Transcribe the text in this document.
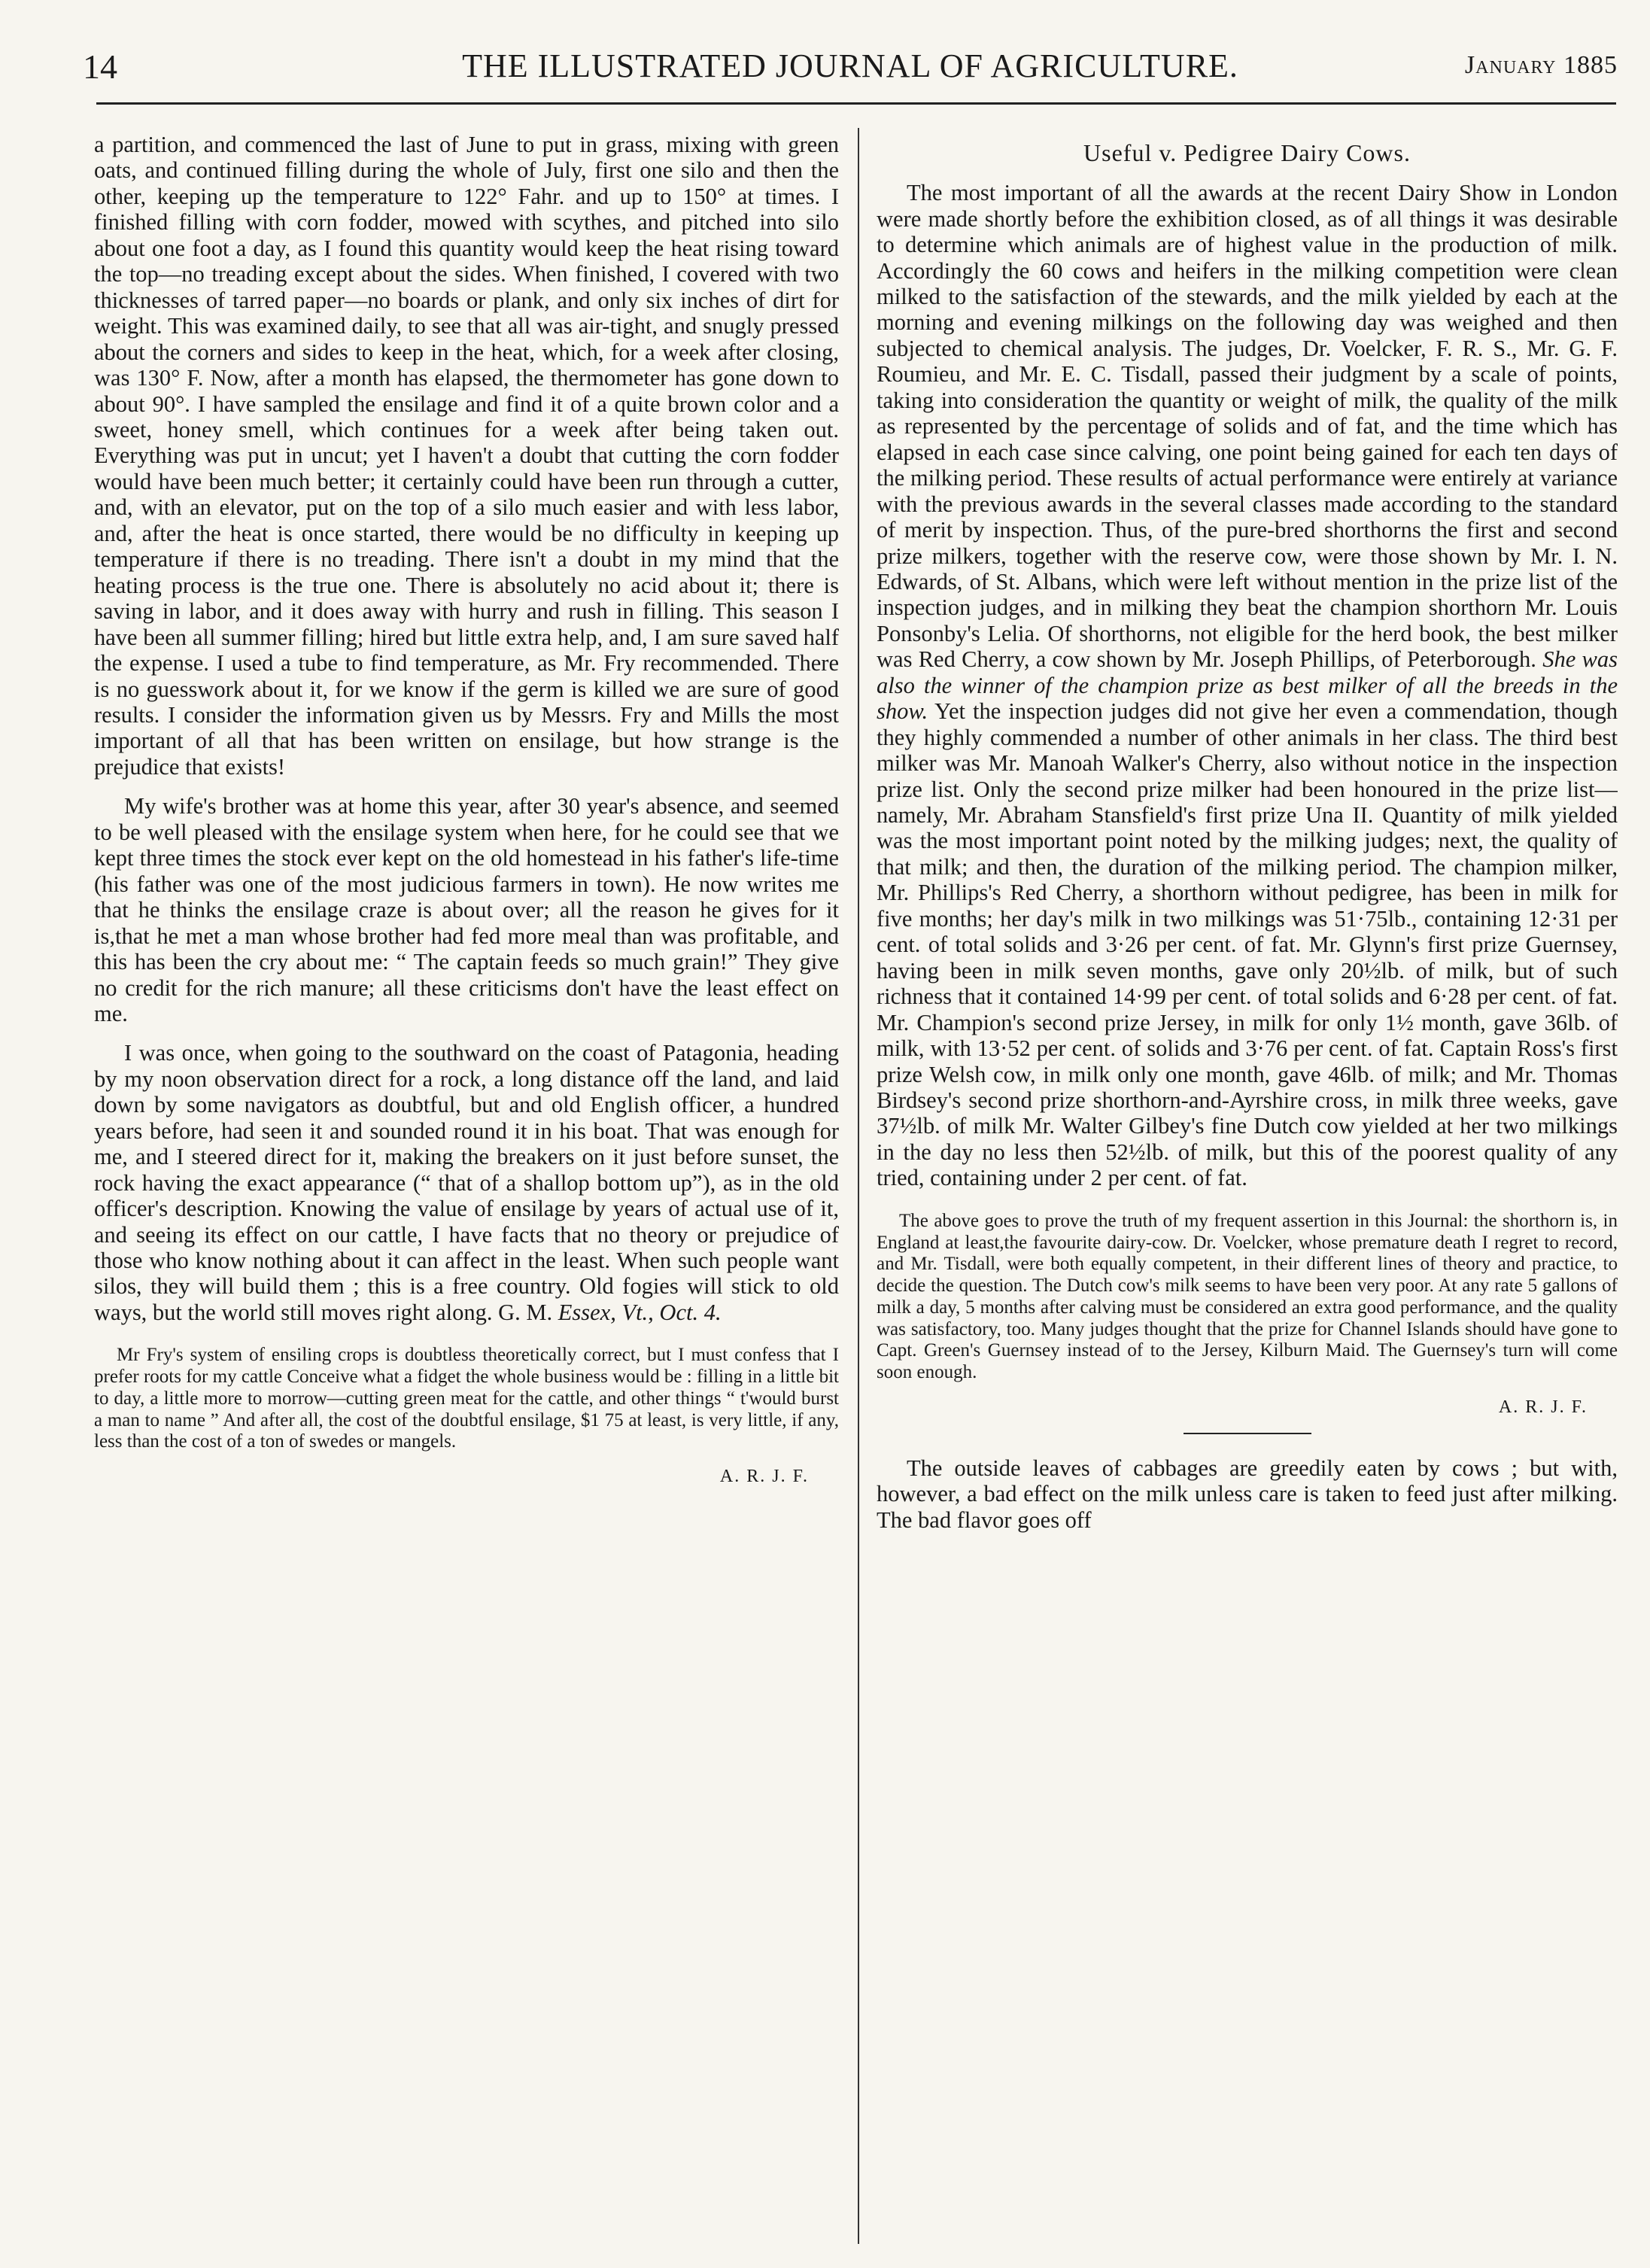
14	THE ILLUSTRATED JOURNAL OF AGRICULTURE.	January 1885

a partition, and commenced the last of June to put in grass, mixing with green oats, and continued filling during the whole of July, first one silo and then the other, keeping up the temperature to 122° Fahr. and up to 150° at times. I finished filling with corn fodder, mowed with scythes, and pitched into silo about one foot a day, as I found this quantity would keep the heat rising toward the top—no treading except about the sides. When finished, I covered with two thicknesses of tarred paper—no boards or plank, and only six inches of dirt for weight. This was examined daily, to see that all was air-tight, and snugly pressed about the corners and sides to keep in the heat, which, for a week after closing, was 130° F. Now, after a month has elapsed, the thermometer has gone down to about 90°. I have sampled the ensilage and find it of a quite brown color and a sweet, honey smell, which continues for a week after being taken out. Everything was put in uncut; yet I haven't a doubt that cutting the corn fodder would have been much better; it certainly could have been run through a cutter, and, with an elevator, put on the top of a silo much easier and with less labor, and, after the heat is once started, there would be no difficulty in keeping up temperature if there is no treading. There isn't a doubt in my mind that the heating process is the true one. There is absolutely no acid about it; there is saving in labor, and it does away with hurry and rush in filling. This season I have been all summer filling; hired but little extra help, and, I am sure saved half the expense. I used a tube to find temperature, as Mr. Fry recommended. There is no guesswork about it, for we know if the germ is killed we are sure of good results. I consider the information given us by Messrs. Fry and Mills the most important of all that has been written on ensilage, but how strange is the prejudice that exists!

My wife's brother was at home this year, after 30 year's absence, and seemed to be well pleased with the ensilage system when here, for he could see that we kept three times the stock ever kept on the old homestead in his father's life-time (his father was one of the most judicious farmers in town). He now writes me that he thinks the ensilage craze is about over; all the reason he gives for it is,that he met a man whose brother had fed more meal than was profitable, and this has been the cry about me: “ The captain feeds so much grain!” They give no credit for the rich manure; all these criticisms don't have the least effect on me.

I was once, when going to the southward on the coast of Patagonia, heading by my noon observation direct for a rock, a long distance off the land, and laid down by some navigators as doubtful, but and old English officer, a hundred years before, had seen it and sounded round it in his boat. That was enough for me, and I steered direct for it, making the breakers on it just before sunset, the rock having the exact appearance (“ that of a shallop bottom up”), as in the old officer's description. Knowing the value of ensilage by years of actual use of it, and seeing its effect on our cattle, I have facts that no theory or prejudice of those who know nothing about it can affect in the least. When such people want silos, they will build them ; this is a free country. Old fogies will stick to old ways, but the world still moves right along. G. M. Essex, Vt., Oct. 4.

Mr Fry's system of ensiling crops is doubtless theoretically correct, but I must confess that I prefer roots for my cattle Conceive what a fidget the whole business would be : filling in a little bit to day, a little more to morrow—cutting green meat for the cattle, and other things “ t'would burst a man to name ” And after all, the cost of the doubtful ensilage, $1 75 at least, is very little, if any, less than the cost of a ton of swedes or mangels.

A. R. J. F.
Useful v. Pedigree Dairy Cows.

The most important of all the awards at the recent Dairy Show in London were made shortly before the exhibition closed, as of all things it was desirable to determine which animals are of highest value in the production of milk. Accordingly the 60 cows and heifers in the milking competition were clean milked to the satisfaction of the stewards, and the milk yielded by each at the morning and evening milkings on the following day was weighed and then subjected to chemical analysis. The judges, Dr. Voelcker, F. R. S., Mr. G. F. Roumieu, and Mr. E. C. Tisdall, passed their judgment by a scale of points, taking into consideration the quantity or weight of milk, the quality of the milk as represented by the percentage of solids and of fat, and the time which has elapsed in each case since calving, one point being gained for each ten days of the milking period. These results of actual performance were entirely at variance with the previous awards in the several classes made according to the standard of merit by inspection. Thus, of the pure-bred shorthorns the first and second prize milkers, together with the reserve cow, were those shown by Mr. I. N. Edwards, of St. Albans, which were left without mention in the prize list of the inspection judges, and in milking they beat the champion shorthorn Mr. Louis Ponsonby's Lelia. Of shorthorns, not eligible for the herd book, the best milker was Red Cherry, a cow shown by Mr. Joseph Phillips, of Peterborough. She was also the winner of the champion prize as best milker of all the breeds in the show. Yet the inspection judges did not give her even a commendation, though they highly commended a number of other animals in her class. The third best milker was Mr. Manoah Walker's Cherry, also without notice in the inspection prize list. Only the second prize milker had been honoured in the prize list—namely, Mr. Abraham Stansfield's first prize Una II. Quantity of milk yielded was the most important point noted by the milking judges; next, the quality of that milk; and then, the duration of the milking period. The champion milker, Mr. Phillips's Red Cherry, a shorthorn without pedigree, has been in milk for five months; her day's milk in two milkings was 51·75lb., containing 12·31 per cent. of total solids and 3·26 per cent. of fat. Mr. Glynn's first prize Guernsey, having been in milk seven months, gave only 20½lb. of milk, but of such richness that it contained 14·99 per cent. of total solids and 6·28 per cent. of fat. Mr. Champion's second prize Jersey, in milk for only 1½ month, gave 36lb. of milk, with 13·52 per cent. of solids and 3·76 per cent. of fat. Captain Ross's first prize Welsh cow, in milk only one month, gave 46lb. of milk; and Mr. Thomas Birdsey's second prize shorthorn-and-Ayrshire cross, in milk three weeks, gave 37½lb. of milk Mr. Walter Gilbey's fine Dutch cow yielded at her two milkings in the day no less then 52½lb. of milk, but this of the poorest quality of any tried, containing under 2 per cent. of fat.

The above goes to prove the truth of my frequent assertion in this Journal: the shorthorn is, in England at least,the favourite dairy-cow. Dr. Voelcker, whose premature death I regret to record, and Mr. Tisdall, were both equally competent, in their different lines of theory and practice, to decide the question. The Dutch cow's milk seems to have been very poor. At any rate 5 gallons of milk a day, 5 months after calving must be considered an extra good performance, and the quality was satisfactory, too. Many judges thought that the prize for Channel Islands should have gone to Capt. Green's Guernsey instead of to the Jersey, Kilburn Maid. The Guernsey's turn will come soon enough.

A. R. J. F.

The outside leaves of cabbages are greedily eaten by cows ; but with, however, a bad effect on the milk unless care is taken to feed just after milking. The bad flavor goes off
